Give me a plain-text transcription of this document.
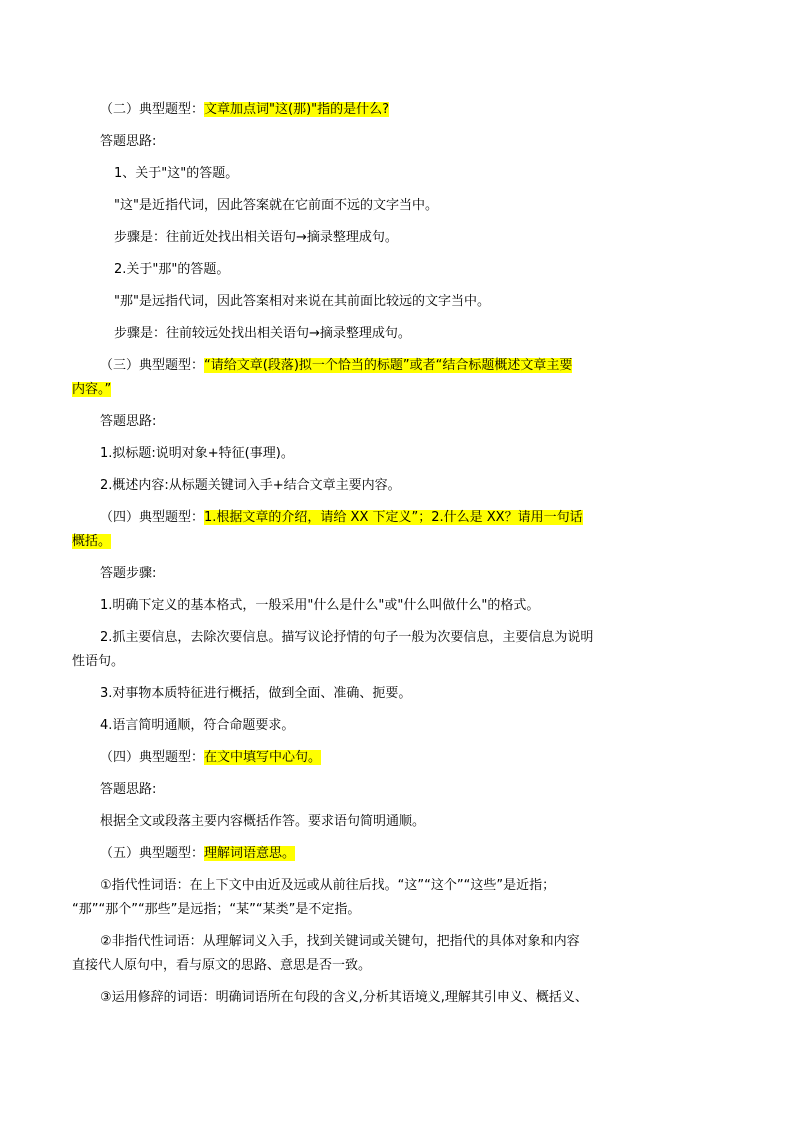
（二）典型题型：文章加点词"这(那)"指的是什么?
答题思路:
1、关于"这"的答题。
"这"是近指代词，因此答案就在它前面不远的文字当中。
步骤是：往前近处找出相关语句→摘录整理成句。
2.关于"那"的答题。
"那"是远指代词，因此答案相对来说在其前面比较远的文字当中。
步骤是：往前较远处找出相关语句→摘录整理成句。
（三）典型题型：“请给文章(段落)拟一个恰当的标题”或者“结合标题概述文章主要
内容。”
答题思路:
1.拟标题:说明对象+特征(事理)。
2.概述内容:从标题关键词入手+结合文章主要内容。
（四）典型题型：1.根据文章的介绍，请给 XX 下定义”；2.什么是 XX？请用一句话
概括。
答题步骤:
1.明确下定义的基本格式，一般采用"什么是什么"或"什么叫做什么"的格式。
2.抓主要信息，去除次要信息。描写议论抒情的句子一般为次要信息，主要信息为说明
性语句。
3.对事物本质特征进行概括，做到全面、准确、扼要。
4.语言简明通顺，符合命题要求。
（四）典型题型：在文中填写中心句。
答题思路:
根据全文或段落主要内容概括作答。要求语句简明通顺。
（五）典型题型：理解词语意思。
①指代性词语：在上下文中由近及远或从前往后找。“这”“这个”“这些”是近指；
“那”“那个”“那些”是远指；“某”“某类”是不定指。
②非指代性词语：从理解词义入手，找到关键词或关键句，把指代的具体对象和内容
直接代人原句中，看与原文的思路、意思是否一致。
③运用修辞的词语：明确词语所在句段的含义,分析其语境义,理解其引申义、概括义、
